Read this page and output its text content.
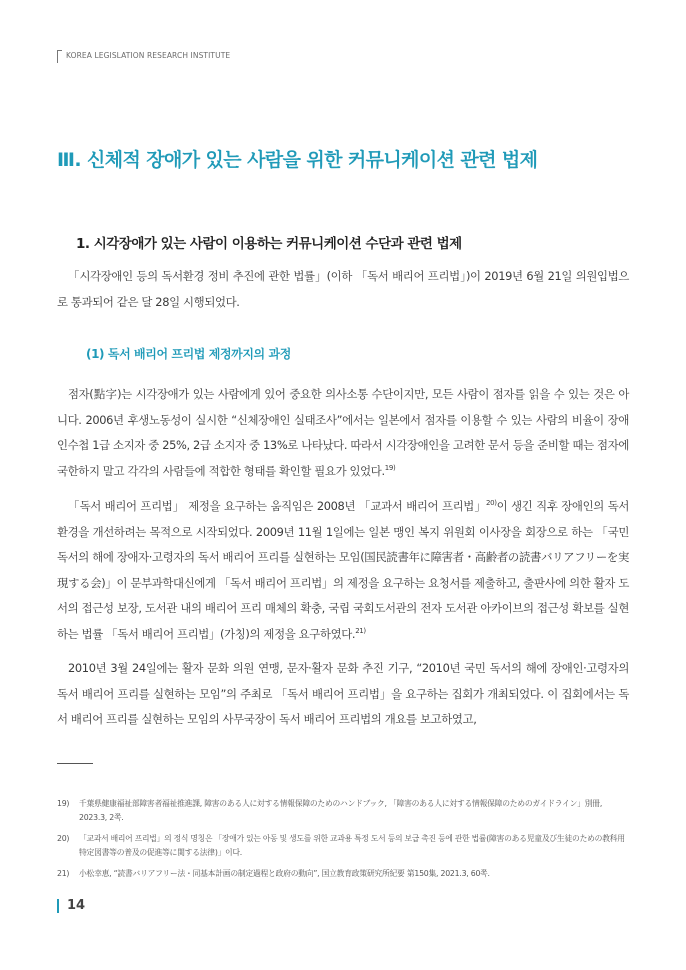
KOREA LEGISLATION RESEARCH INSTITUTE
Ⅲ. 신체적 장애가 있는 사람을 위한 커뮤니케이션 관련 법제
1. 시각장애가 있는 사람이 이용하는 커뮤니케이션 수단과 관련 법제

「시각장애인 등의 독서환경 정비 추진에 관한 법률」(이하 「독서 배리어 프리법」)이 2019년 6월 21일 의원입법으로 통과되어 같은 달 28일 시행되었다.

(1) 독서 배리어 프리법 제정까지의 과정

점자(點字)는 시각장애가 있는 사람에게 있어 중요한 의사소통 수단이지만, 모든 사람이 점자를 읽을 수 있는 것은 아니다. 2006년 후생노동성이 실시한 “신체장애인 실태조사”에서는 일본에서 점자를 이용할 수 있는 사람의 비율이 장애인수첩 1급 소지자 중 25%, 2급 소지자 중 13%로 나타났다. 따라서 시각장애인을 고려한 문서 등을 준비할 때는 점자에 국한하지 말고 각각의 사람들에 적합한 형태를 확인할 필요가 있었다.$^{19)}$

「독서 배리어 프리법」 제정을 요구하는 움직임은 2008년 「교과서 배리어 프리법」$^{20)}$이 생긴 직후 장애인의 독서환경을 개선하려는 목적으로 시작되었다. 2009년 11월 1일에는 일본 맹인 복지 위원회 이사장을 회장으로 하는 「국민 독서의 해에 장애자·고령자의 독서 배리어 프리를 실현하는 모임(国民読書年に障害者・高齢者の読書バリアフリーを実現する会)」이 문부과학대신에게 「독서 배리어 프리법」의 제정을 요구하는 요청서를 제출하고, 출판사에 의한 활자 도서의 접근성 보장, 도서관 내의 배리어 프리 매체의 확충, 국립 국회도서관의 전자 도서관 아카이브의 접근성 확보를 실현하는 법률 「독서 배리어 프리법」(가칭)의 제정을 요구하였다.$^{21)}$

2010년 3월 24일에는 활자 문화 의원 연맹, 문자·활자 문화 추진 기구, “2010년 국민 독서의 해에 장애인·고령자의 독서 배리어 프리를 실현하는 모임”의 주최로 「독서 배리어 프리법」을 요구하는 집회가 개최되었다. 이 집회에서는 독서 배리어 프리를 실현하는 모임의 사무국장이 독서 배리어 프리법의 개요를 보고하였고,

19)	千葉県健康福祉部障害者福祉推進課, 障害のある人に対する情報保障のためのハンドブック, 「障害のある人に対する情報保障のためのガイドライン」別冊, 2023.3, 2쪽.
20)	「교과서 배리어 프리법」의 정식 명칭은 「장애가 있는 아동 및 생도를 위한 교과용 특정 도서 등의 보급 촉진 등에 관한 법률(障害のある児童及び生徒のための教科用特定図書等の普及の促進等に関する法律)」이다.
21)	小松幸恵, “読書バリアフリー法・同基本計画の制定過程と政府の動向”, 国立教育政策研究所紀要 第150集, 2021.3, 60쪽.
14
